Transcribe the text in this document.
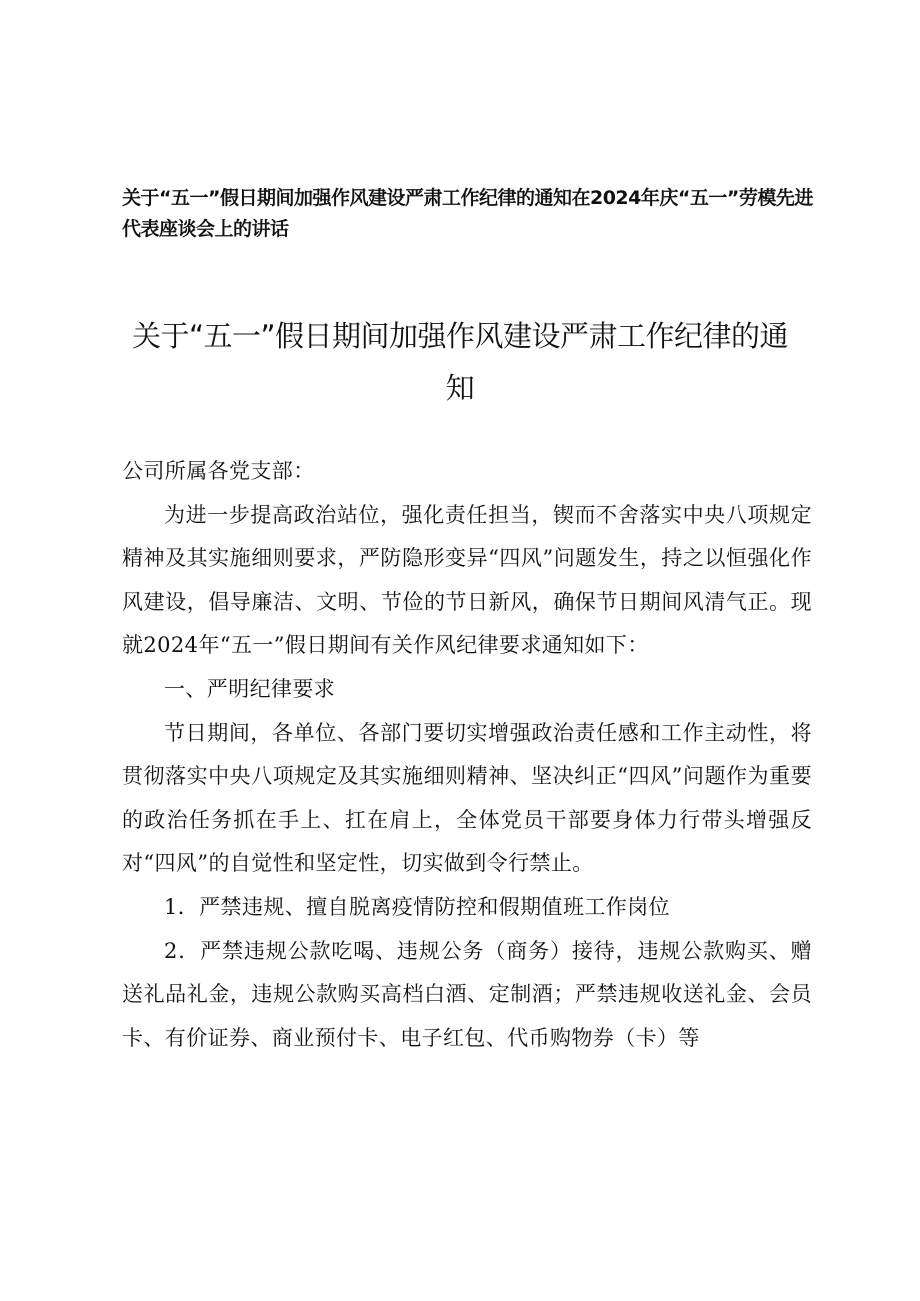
关于“五一”假日期间加强作风建设严肃工作纪律的通知在2024年庆“五一”劳模先进代表座谈会上的讲话
关于“五一”假日期间加强作风建设严肃工作纪律的通知

公司所属各党支部：

为进一步提高政治站位，强化责任担当，锲而不舍落实中央八项规定精神及其实施细则要求，严防隐形变异“四风”问题发生，持之以恒强化作风建设，倡导廉洁、文明、节俭的节日新风，确保节日期间风清气正。现就2024年“五一”假日期间有关作风纪律要求通知如下：

一、严明纪律要求

节日期间，各单位、各部门要切实增强政治责任感和工作主动性，将贯彻落实中央八项规定及其实施细则精神、坚决纠正“四风”问题作为重要的政治任务抓在手上、扛在肩上，全体党员干部要身体力行带头增强反对“四风”的自觉性和坚定性，切实做到令行禁止。

1．严禁违规、擅自脱离疫情防控和假期值班工作岗位

2．严禁违规公款吃喝、违规公务（商务）接待，违规公款购买、赠送礼品礼金，违规公款购买高档白酒、定制酒；严禁违规收送礼金、会员卡、有价证券、商业预付卡、电子红包、代币购物券（卡）等
